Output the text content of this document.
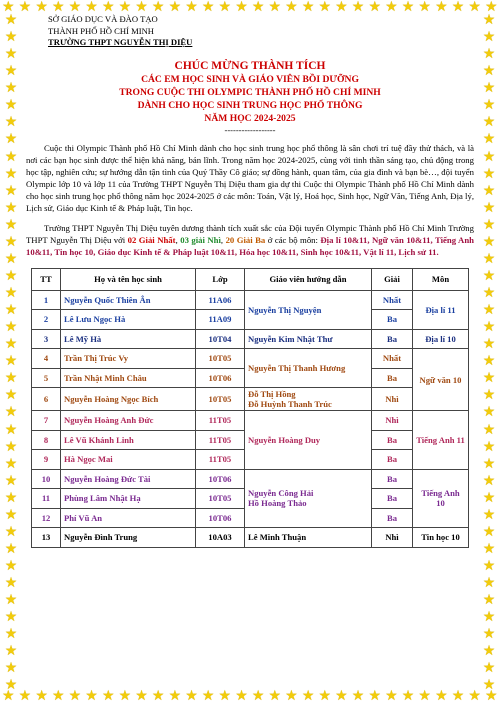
★ ★ ★ ★ ★ ★ ★ ★ ★ ★ ★ ★ ★ ★ ★ ★ ★ ★ ★ ★ ★ ★ ★ ★ ★ ★ ★ ★ ★ ★
★ ★ ★ ★ ★ ★ ★ ★ ★ ★ ★ ★ ★ ★ ★ ★ ★ ★ ★ ★ ★ ★ ★ ★ ★ ★ ★ ★ ★ ★
★
★
★
★
★
★
★
★
★
★
★
★
★
★
★
★
★
★
★
★
★
★
★
★
★
★
★
★
★
★
★
★
★
★
★
★
★
★
★
★
★
★
★
★
★
★
★
★
★
★
★
★
★
★
★
★
★
★
★
★
★
★
★
★
★
★
★
★
★
★
★
★
★
★
★
★
★
★
★
★
SỞ GIÁO DỤC VÀ ĐÀO TẠO
THÀNH PHỐ HỒ CHÍ MINH
TRƯỜNG THPT NGUYỄN THỊ DIỆU
CHÚC MỪNG THÀNH TÍCH
CÁC EM HỌC SINH VÀ GIÁO VIÊN BỒI DƯỠNG
TRONG CUỘC THI OLYMPIC THÀNH PHỐ HỒ CHÍ MINH
DÀNH CHO HỌC SINH TRUNG HỌC PHỔ THÔNG
NĂM HỌC 2024-2025
------------------

Cuộc thi Olympic Thành phố Hồ Chí Minh dành cho học sinh trung học phổ thông là sân chơi trí tuệ đầy thử thách, và là nơi các bạn học sinh được thể hiện khả năng, bản lĩnh. Trong năm học 2024-2025, cùng với tinh thần sáng tạo, chủ động trong học tập, nghiên cứu; sự hướng dẫn tận tình của Quý Thầy Cô giáo; sự đồng hành, quan tâm, của gia đình và bạn bè…, đội tuyển Olympic lớp 10 và lớp 11 của Trường THPT Nguyễn Thị Diệu tham gia dự thi Cuộc thi Olympic Thành phố Hồ Chí Minh dành cho học sinh trung học phổ thông năm học 2024-2025 ở các môn: Toán, Vật lý, Hoá học, Sinh học, Ngữ Văn, Tiếng Anh, Địa lý, Lịch sử, Giáo dục Kinh tế & Pháp luật, Tin học.

Trường THPT Nguyễn Thị Diệu tuyên dương thành tích xuất sắc của Đội tuyển Olympic Thành phố Hồ Chí Minh Trường THPT Nguyễn Thị Diệu với 02 Giải Nhất, 03 giải Nhì, 20 Giải Ba ở các bộ môn: Địa lí 10&11, Ngữ văn 10&11, Tiếng Anh 10&11, Tin học 10, Giáo dục Kinh tế & Pháp luật 10&11, Hóa học 10&11, Sinh học 10&11, Vật lí 11, Lịch sử 11.

TT	Họ và tên học sinh	Lớp	Giáo viên hướng dẫn	Giải	Môn
1	Nguyễn Quốc Thiên Ân	11A06	Nguyễn Thị Nguyện	Nhất	Địa lí 11
2	Lê Lưu Ngọc Hà	11A09		Ba	
3	Lê Mỹ Hà	10T04	Nguyễn Kim Nhật Thư	Ba	Địa lí 10
4	Trần Thị Trúc Vy	10T05	Nguyễn Thị Thanh Hương	Nhất	Ngữ văn 10
5	Trần Nhật Minh Châu	10T06		Ba	
6	Nguyễn Hoàng Ngọc Bích	10T05	Đỗ Thị Hồng
Đỗ Huỳnh Thanh Trúc	Nhì	
7	Nguyễn Hoàng Anh Đức	11T05	Nguyễn Hoàng Duy	Nhì	Tiếng Anh 11
8	Lê Vũ Khánh Linh	11T05		Ba	
9	Hà Ngọc Mai	11T05		Ba	
10	Nguyễn Hoàng Đức Tài	10T06	Nguyễn Công Hải
Hồ Hoàng Thảo	Ba	Tiếng Anh 10
11	Phùng Lâm Nhật Hạ	10T05		Ba	
12	Phí Vũ An	10T06		Ba	
13	Nguyễn Đình Trung	10A03	Lê Minh Thuận	Nhì	Tin học 10
